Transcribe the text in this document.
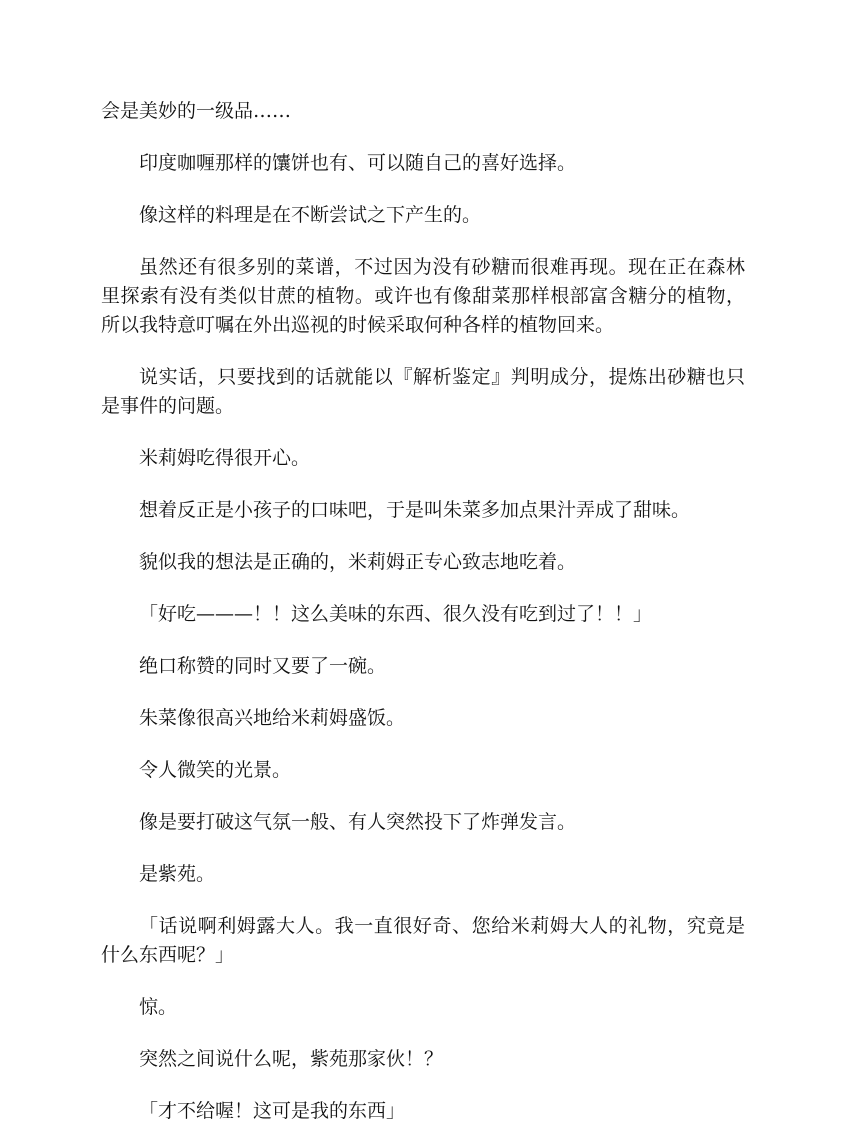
会是美妙的一级品……

印度咖喱那样的馕饼也有、可以随自己的喜好选择。

像这样的料理是在不断尝试之下产生的。

虽然还有很多别的菜谱，不过因为没有砂糖而很难再现。现在正在森林里探索有没有类似甘蔗的植物。或许也有像甜菜那样根部富含糖分的植物，所以我特意叮嘱在外出巡视的时候采取何种各样的植物回来。

说实话，只要找到的话就能以『解析鉴定』判明成分，提炼出砂糖也只是事件的问题。

米莉姆吃得很开心。

想着反正是小孩子的口味吧，于是叫朱菜多加点果汁弄成了甜味。

貌似我的想法是正确的，米莉姆正专心致志地吃着。

「好吃———！！这么美味的东西、很久没有吃到过了！！」

绝口称赞的同时又要了一碗。

朱菜像很高兴地给米莉姆盛饭。

令人微笑的光景。

像是要打破这气氛一般、有人突然投下了炸弹发言。

是紫苑。

「话说啊利姆露大人。我一直很好奇、您给米莉姆大人的礼物，究竟是什么东西呢？」

惊。

突然之间说什么呢，紫苑那家伙！？

「才不给喔！这可是我的东西」
